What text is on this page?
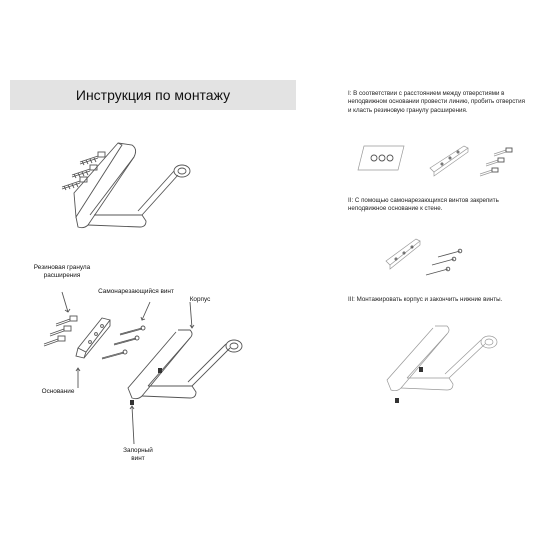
Инструкция по монтажу	I: В соответствии с расстоянием между отверстиями в неподвижном основании провести линию, пробить отверстия и класть резиновую гранулу расширения.
II: С помощью самонарезающихся винтов закрепить неподвижное основание к стене.
III: Монтажировать корпус и закончить нижние винты.
Резиновая гранула расширения
Самонарезающийся винт
Корпус
Основание
Запорный винт
